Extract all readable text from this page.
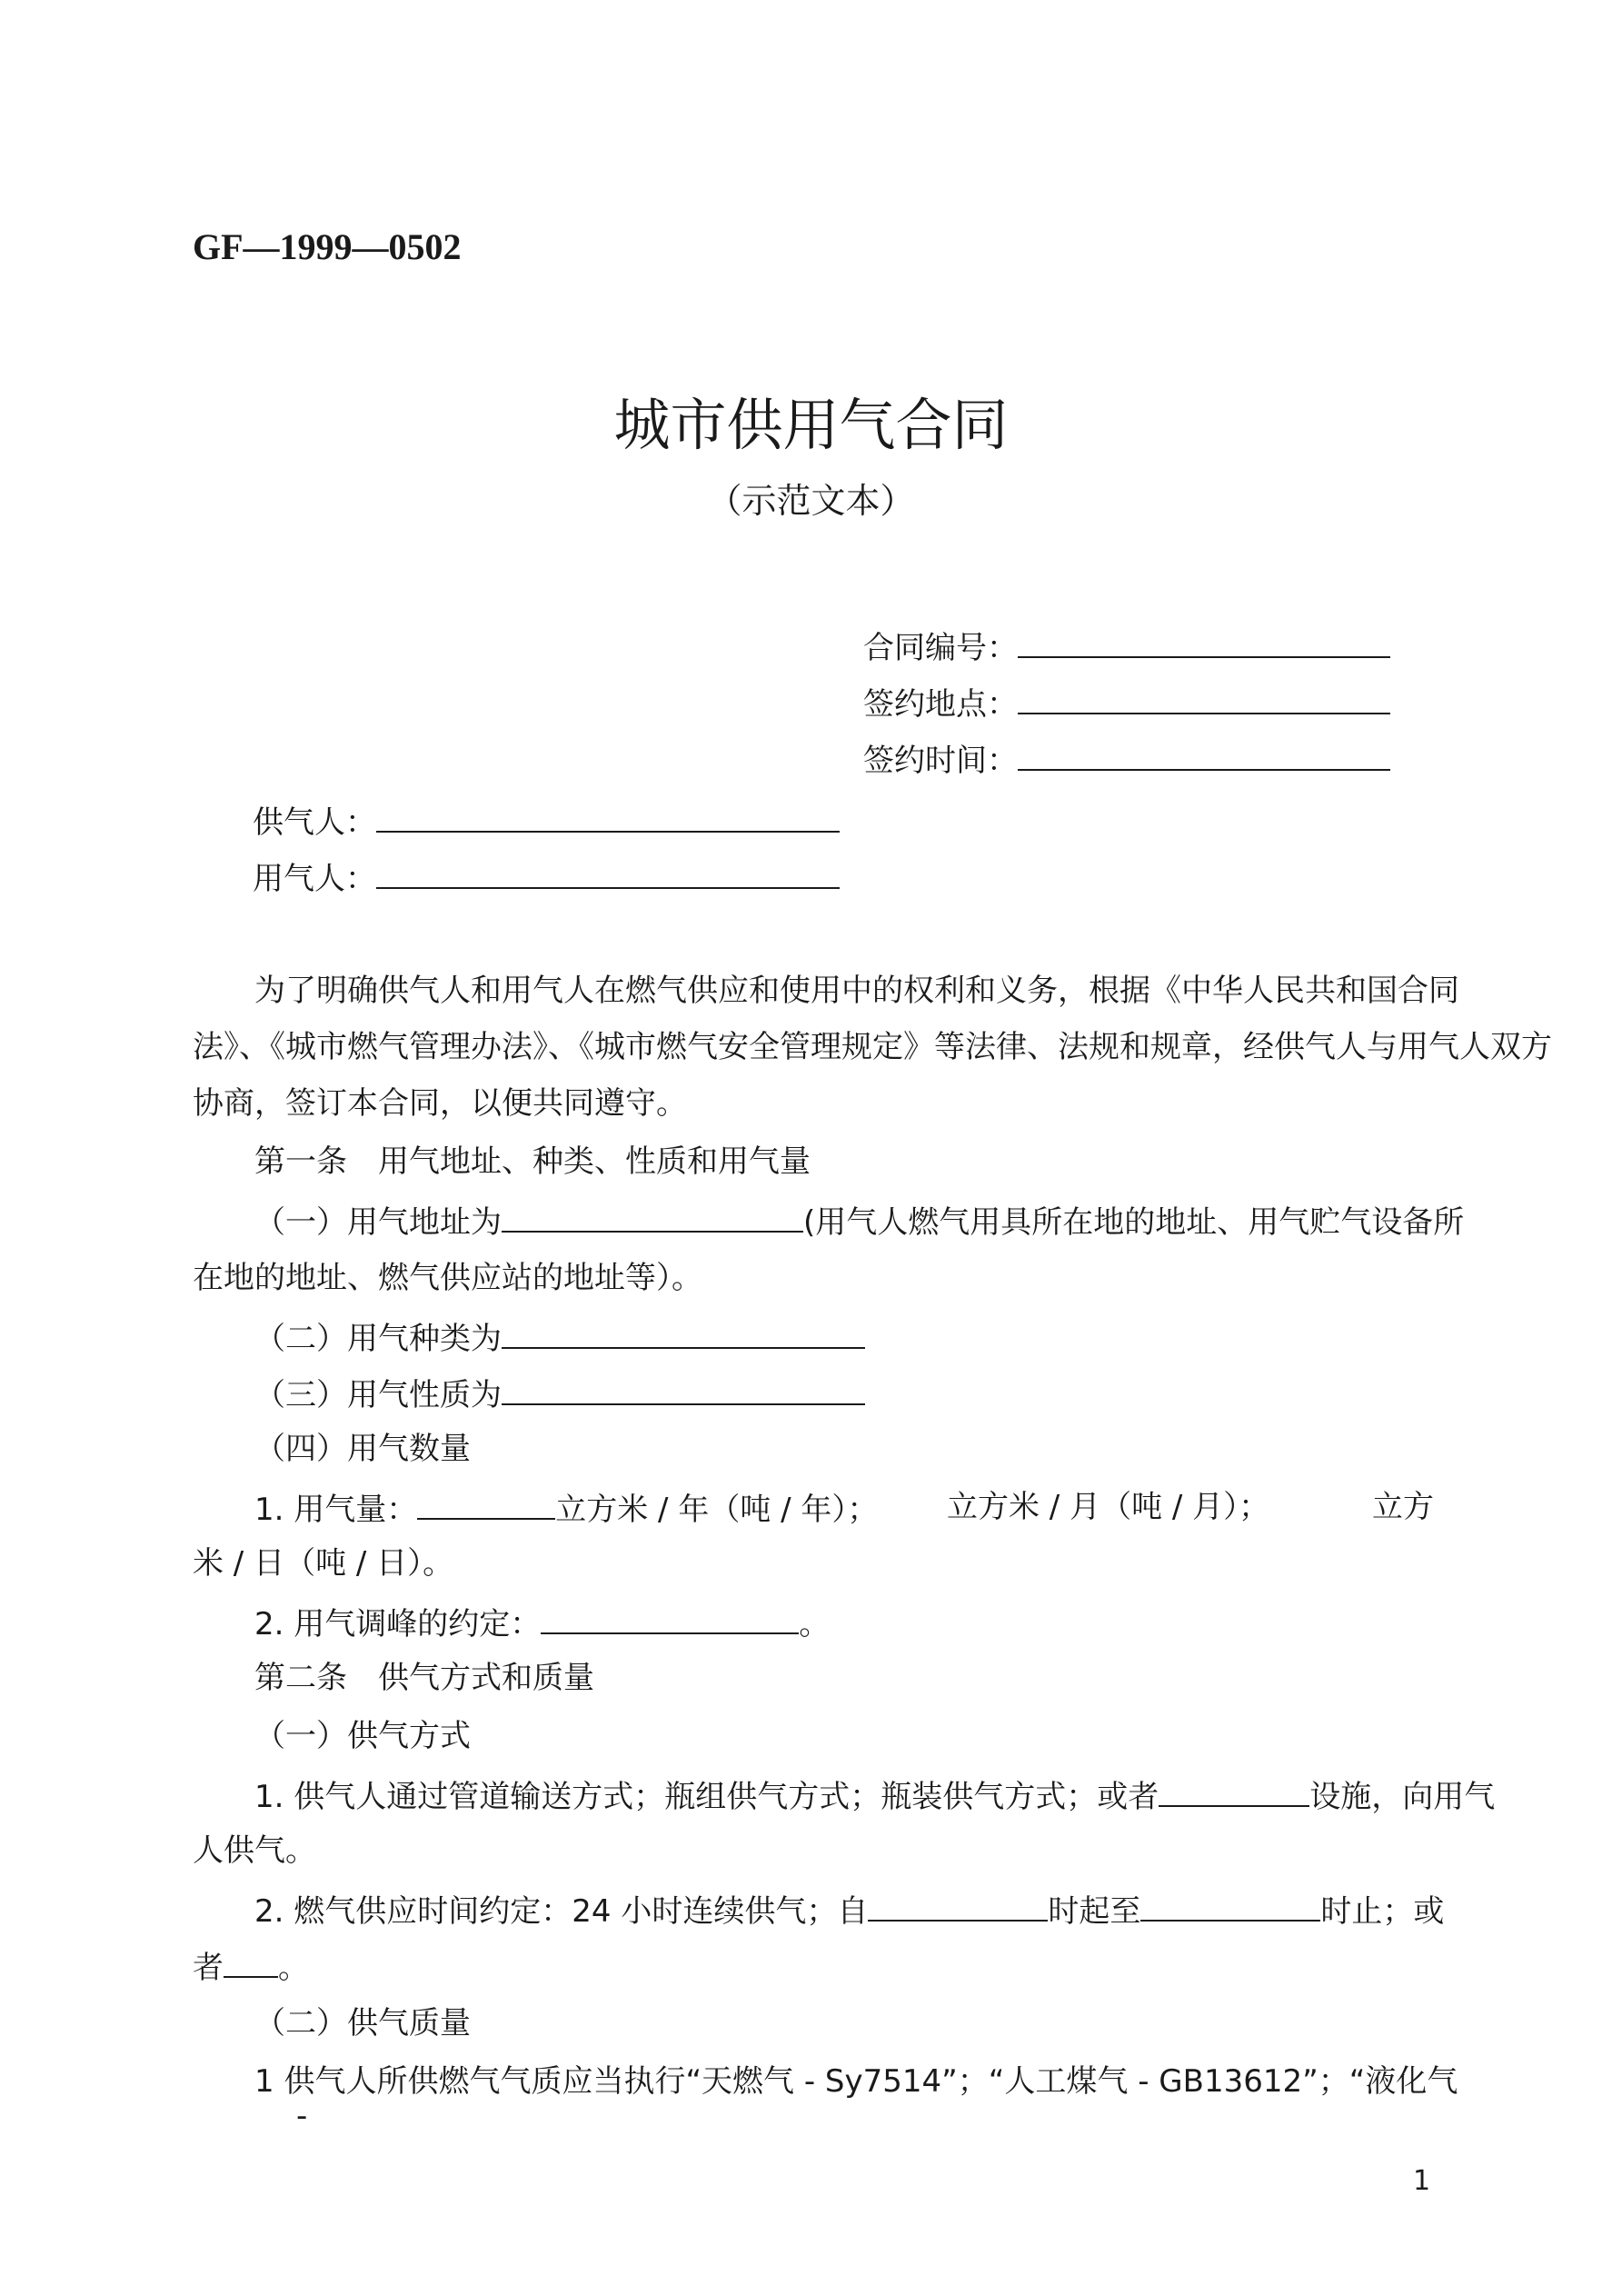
GF—1999—0502
城市供用气合同
（示范文本）
合同编号：
签约地点：
签约时间：
供气人：
用气人：
为了明确供气人和用气人在燃气供应和使用中的权利和义务，根据《中华人民共和国合同
法》、《城市燃气管理办法》、《城市燃气安全管理规定》等法律、法规和规章，经供气人与用气人双方
协商，签订本合同，以便共同遵守。
第一条　用气地址、种类、性质和用气量
（一）用气地址为	(用气人燃气用具所在地的地址、用气贮气设备所
在地的地址、燃气供应站的地址等）。
（二）用气种类为
（三）用气性质为
（四）用气数量
1. 用气量：	立方米 / 年（吨 / 年）； 立方米 / 月（吨 / 月）；	立方
米 / 日（吨 / 日）。
2. 用气调峰的约定：	。
第二条　供气方式和质量
（一）供气方式
1. 供气人通过管道输送方式；瓶组供气方式；瓶装供气方式；或者	设施，向用气
人供气。
2. 燃气供应时间约定：24 小时连续供气；自	时起至	时止；或
者 。
（二）供气质量
1 供气人所供燃气气质应当执行“天燃气 - Sy7514”；“人工煤气 - GB13612”；“液化气
-
1
